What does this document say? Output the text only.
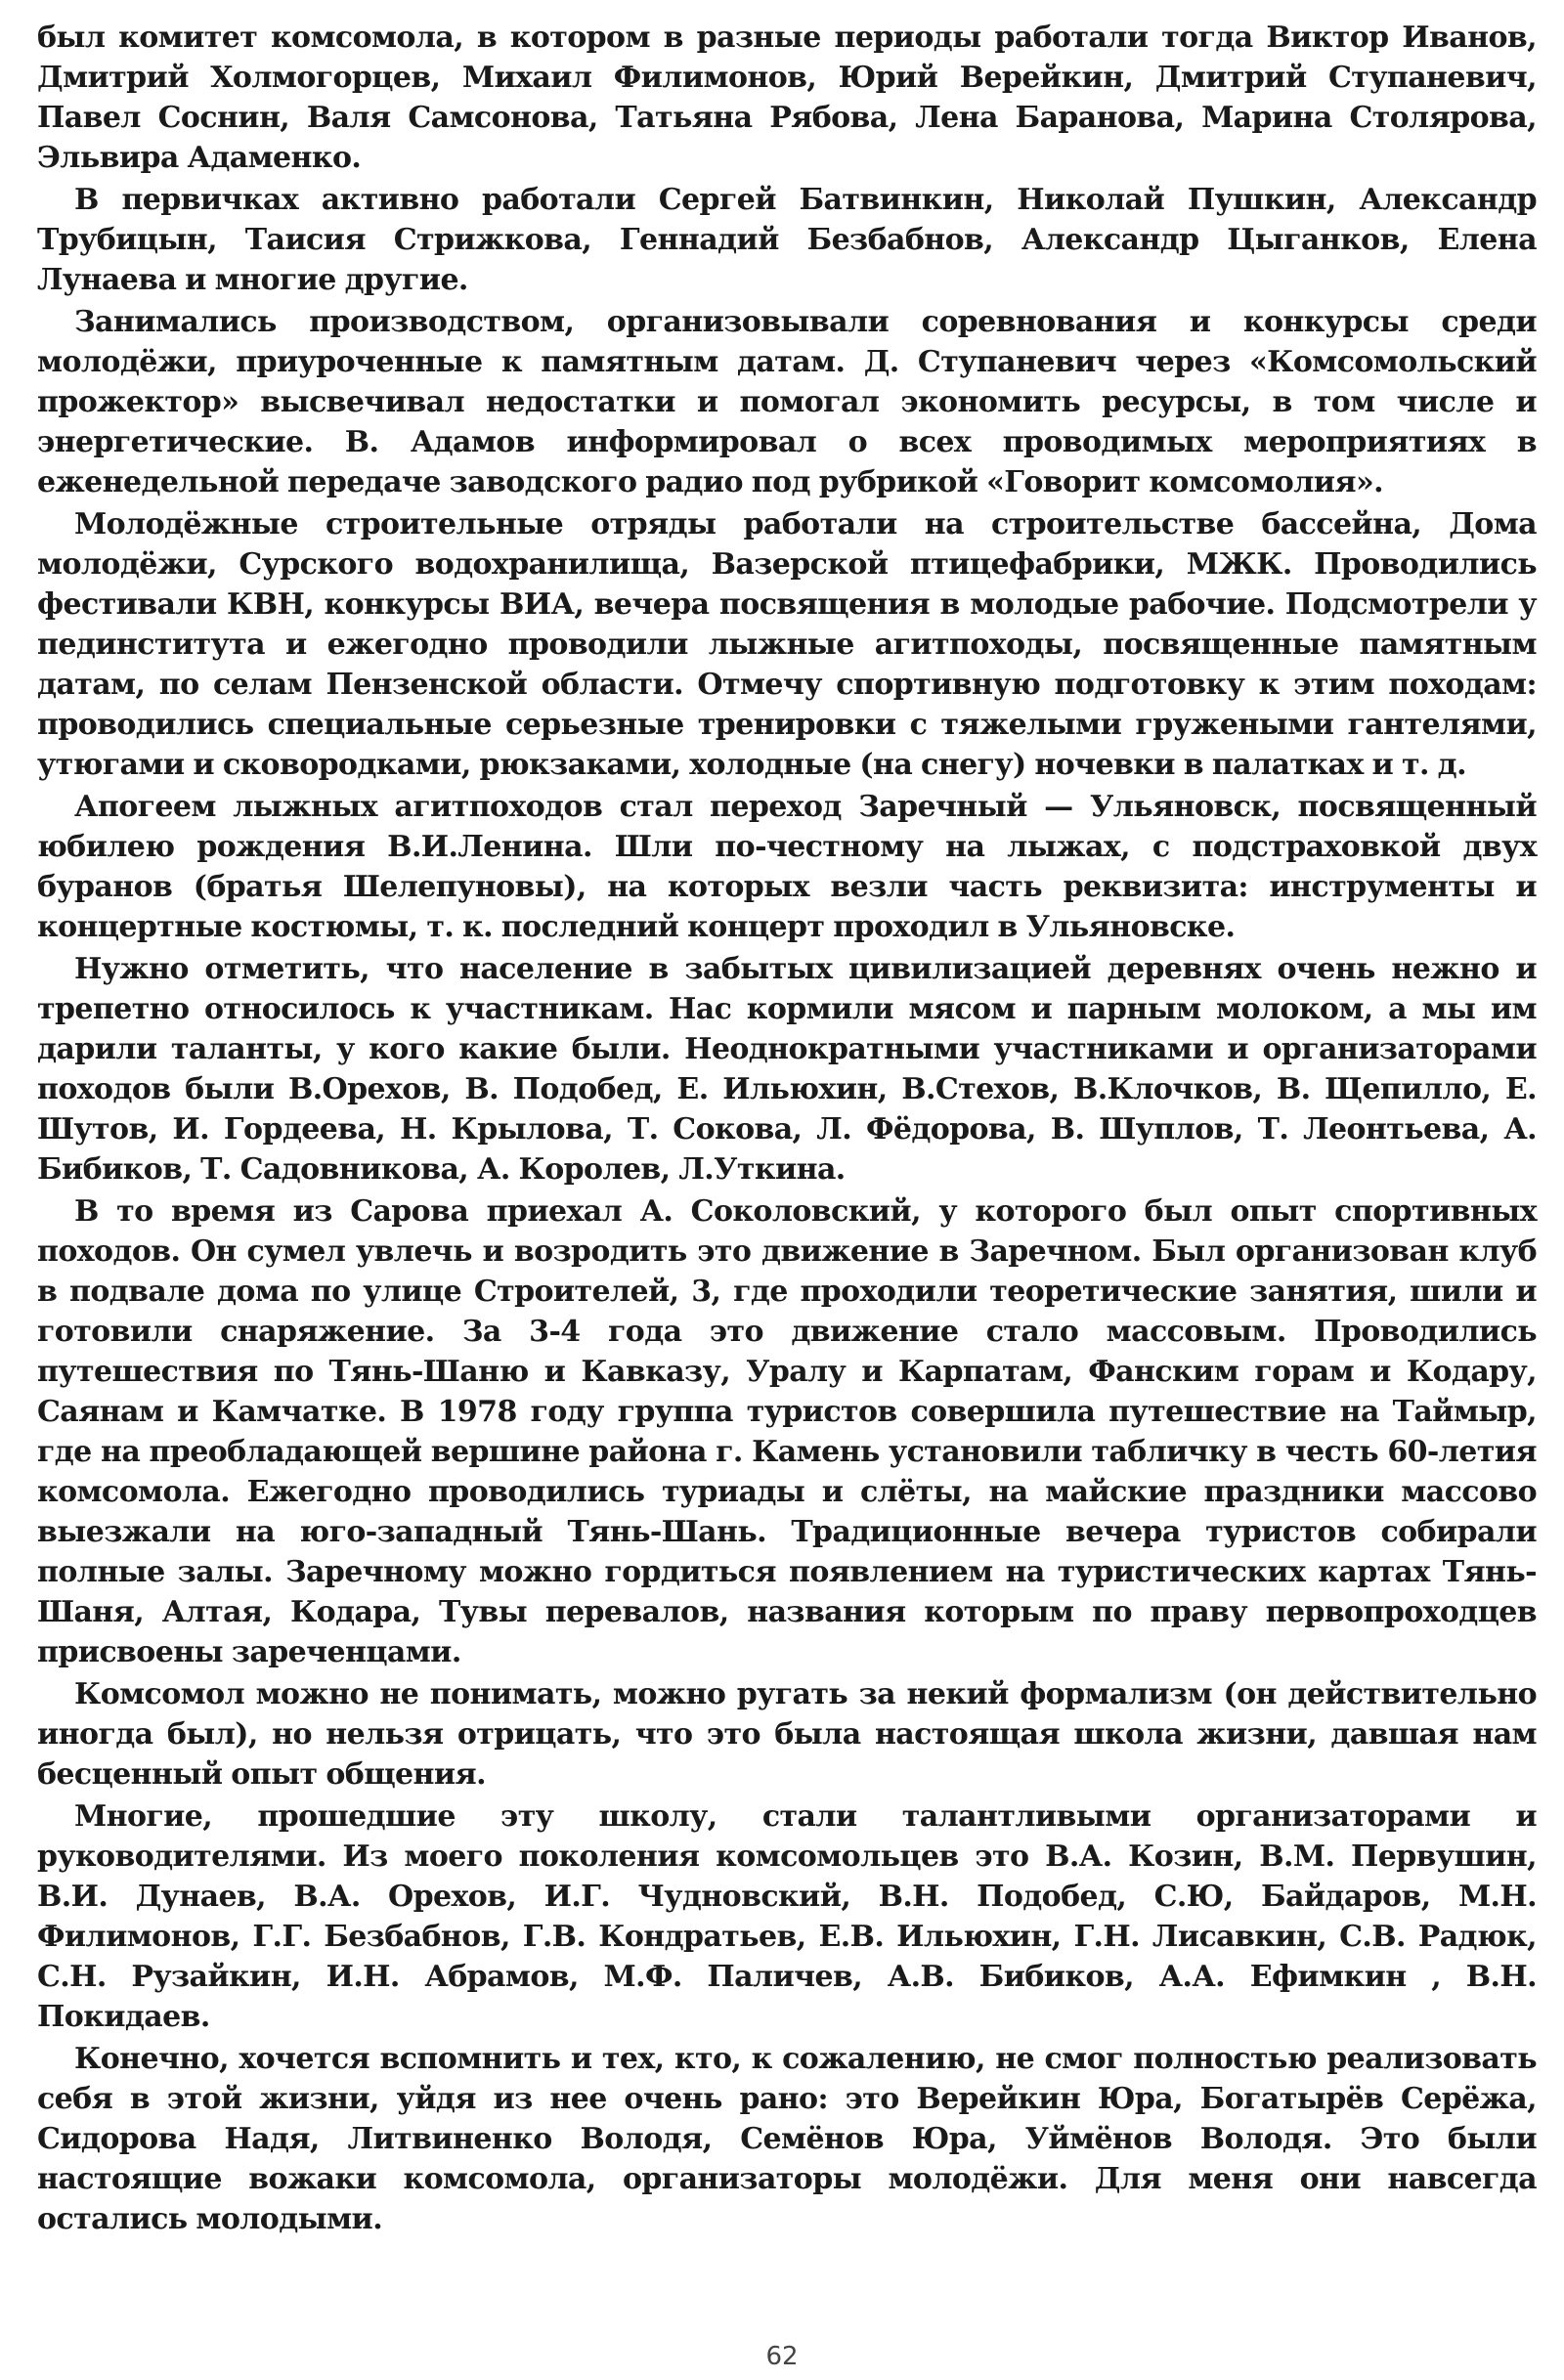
был комитет комсомола, в котором в разные периоды работали тогда Виктор Иванов, Дмитрий Холмогорцев, Михаил Филимонов, Юрий Верейкин, Дмитрий Ступаневич, Павел Соснин, Валя Самсонова, Татьяна Рябова, Лена Баранова, Марина Столярова, Эльвира Адаменко.

В первичках активно работали Сергей Батвинкин, Николай Пушкин, Александр Трубицын, Таисия Стрижкова, Геннадий Безбабнов, Александр Цыганков, Елена Лунаева и многие другие.

Занимались производством, организовывали соревнования и конкурсы среди молодёжи, приуроченные к памятным датам. Д. Ступаневич через «Комсомольский прожектор» высвечивал недостатки и помогал экономить ресурсы, в том числе и энергетические. В. Адамов информировал о всех проводимых мероприятиях в еженедельной передаче заводского радио под рубрикой «Говорит комсомолия».

Молодёжные строительные отряды работали на строительстве бассейна, Дома молодёжи, Сурского водохранилища, Вазерской птицефабрики, МЖК. Проводились фестивали КВН, конкурсы ВИА, вечера посвящения в молодые рабочие. Подсмотрели у пединститута и ежегодно проводили лыжные агитпоходы, посвященные памятным датам, по селам Пензенской области. Отмечу спортивную подготовку к этим походам: проводились специальные серьезные тренировки с тяжелыми гружеными гантелями, утюгами и сковородками, рюкзаками, холодные (на снегу) ночевки в палатках и т. д.

Апогеем лыжных агитпоходов стал переход Заречный — Ульяновск, посвященный юбилею рождения В.И.Ленина. Шли по-честному на лыжах, с подстраховкой двух буранов (братья Шелепуновы), на которых везли часть реквизита: инструменты и концертные костюмы, т. к. последний концерт проходил в Ульяновске.

Нужно отметить, что население в забытых цивилизацией деревнях очень нежно и трепетно относилось к участникам. Нас кормили мясом и парным молоком, а мы им дарили таланты, у кого какие были. Неоднократными участниками и организаторами походов были В.Орехов, В. Подобед, Е. Ильюхин, В.Стехов, В.Клочков, В. Щепилло, Е. Шутов, И. Гордеева, Н. Крылова, Т. Сокова, Л. Фёдорова, В. Шуплов, Т. Леонтьева, А. Бибиков, Т. Садовникова, А. Королев, Л.Уткина.

В то время из Сарова приехал А. Соколовский, у которого был опыт спортивных походов. Он сумел увлечь и возродить это движение в Заречном. Был организован клуб в подвале дома по улице Строителей, 3, где проходили теоретические занятия, шили и готовили снаряжение. За 3-4 года это движение стало массовым. Проводились путешествия по Тянь-Шаню и Кавказу, Уралу и Карпатам, Фанским горам и Кодару, Саянам и Камчатке. В 1978 году группа туристов совершила путешествие на Таймыр, где на преобладающей вершине района г. Камень установили табличку в честь 60-летия комсомола. Ежегодно проводились туриады и слёты, на майские праздники массово выезжали на юго-западный Тянь-Шань. Традиционные вечера туристов собирали полные залы. Заречному можно гордиться появлением на туристических картах Тянь-Шаня, Алтая, Кодара, Тувы перевалов, названия которым по праву первопроходцев присвоены зареченцами.

Комсомол можно не понимать, можно ругать за некий формализм (он действительно иногда был), но нельзя отрицать, что это была настоящая школа жизни, давшая нам бесценный опыт общения.

Многие, прошедшие эту школу, стали талантливыми организаторами и руководителями. Из моего поколения комсомольцев это В.А. Козин, В.М. Первушин, В.И. Дунаев, В.А. Орехов, И.Г. Чудновский, В.Н. Подобед, С.Ю, Байдаров, М.Н. Филимонов, Г.Г. Безбабнов, Г.В. Кондратьев, Е.В. Ильюхин, Г.Н. Лисавкин, С.В. Радюк, С.Н. Рузайкин, И.Н. Абрамов, М.Ф. Паличев, А.В. Бибиков, А.А. Ефимкин , В.Н. Покидаев.

Конечно, хочется вспомнить и тех, кто, к сожалению, не смог полностью реализовать себя в этой жизни, уйдя из нее очень рано: это Верейкин Юра, Богатырёв Серёжа, Сидорова Надя, Литвиненко Володя, Семёнов Юра, Уймёнов Володя. Это были настоящие вожаки комсомола, организаторы молодёжи. Для меня они навсегда остались молодыми.

62
